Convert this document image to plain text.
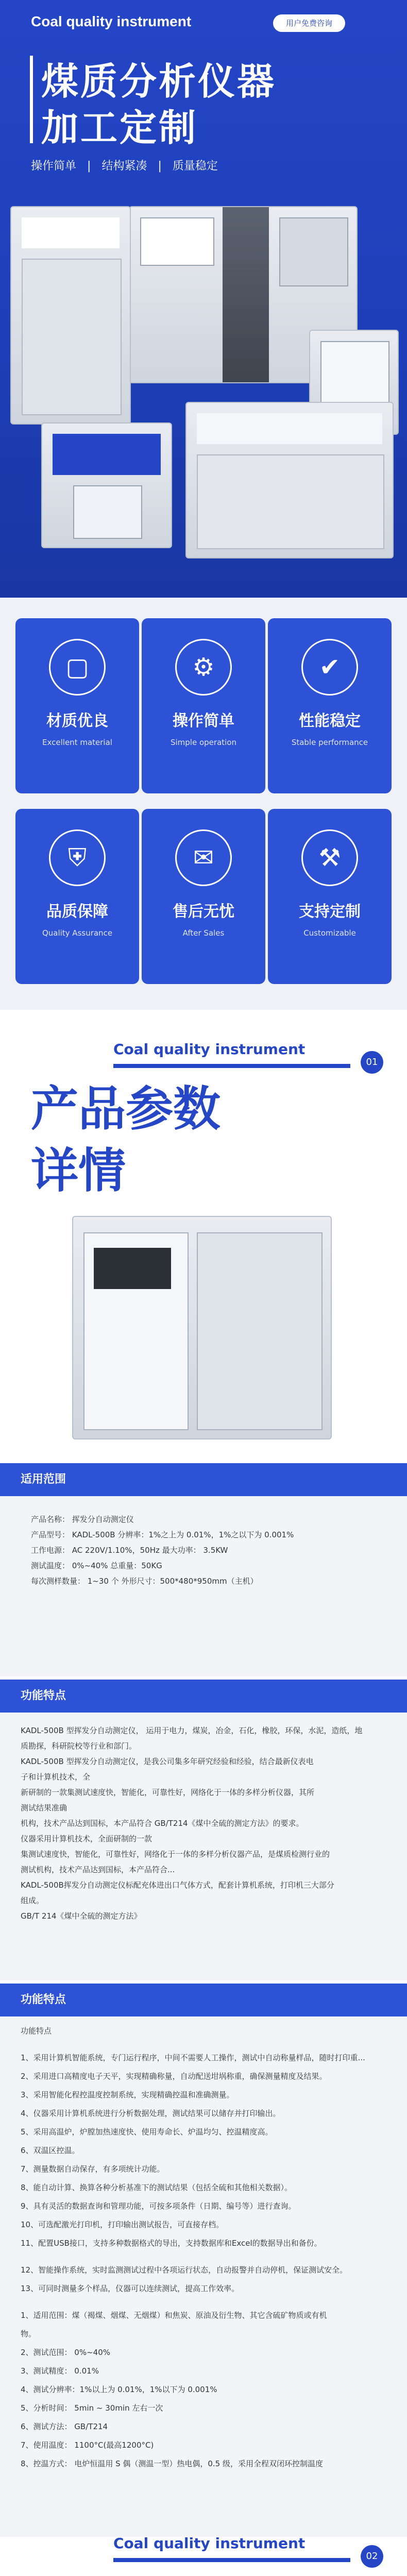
Coal quality instrument	用户免费咨询
煤质分析仪器
加工定制
操作简单 | 结构紧凑 | 质量稳定
▢
材质优良
Excellent material
⚙
操作简单
Simple operation
✔
性能稳定
Stable performance
⛨
品质保障
Quality Assurance
✉
售后无忧
After Sales
⚒
支持定制
Customizable
Coal quality instrument
01
产品参数
详情
适用范围
产品名称： 挥发分自动测定仪
产品型号： KADL-500B 分辨率：1%之上为 0.01%，1%之以下为 0.001%
工作电源： AC 220V/1.10%，50Hz 最大功率： 3.5KW
测试温度： 0%~40% 总重量：50KG
每次测样数量： 1~30 个 外形尺寸：500*480*950mm（主机）
功能特点
KADL-500B 型挥发分自动测定仪， 运用于电力，煤炭，冶金，石化，橡胶，环保，水泥，造纸，地
质勘探，科研院校等行业和部门。
KADL-500B 型挥发分自动测定仪，是我公司集多年研究经验和经验，结合最新仪表电
子和计算机技术，全
新研制的一款集测试速度快，智能化，可靠性好，网络化于一体的多样分析仪器，其所
测试结果准确
机构，技术产品达到国标，本产品符合 GB/T214《煤中全硫的测定方法》的要求。
仪器采用计算机技术，全面研制的一款
集测试速度快，智能化，可靠性好，网络化于一体的多样分析仪器产品，是煤质检测行业的
测试机构，技术产品达到国标，本产品符合...
KADL-500B挥发分自动测定仪标配充体进出口气体方式，配套计算机系统，打印机三大部分
组成。
GB/T 214《煤中全硫的测定方法》
功能特点
功能特点
1、采用计算机智能系统，专门运行程序，中间不需要人工操作，测试中自动称量样品，随时打印重...
2、采用进口高精度电子天平，实现精确称量，自动配送坩埚称重，确保测量精度及结果。
3、采用智能化程控温度控制系统，实现精确控温和准确测量。
4、仪器采用计算机系统进行分析数据处理，测试结果可以储存并打印输出。
5、采用高温炉，炉膛加热速度快、使用寿命长、炉温均匀、控温精度高。
6、双温区控温。
7、测量数据自动保存，有多项统计功能。
8、能自动计算、换算各种分析基准下的测试结果（包括全硫和其他相关数据）。
9、具有灵活的数据查询和管理功能，可按多项条件（日期、编号等）进行查询。
10、可选配激光打印机，打印输出测试报告，可直接存档。
11、配置USB接口，支持多种数据格式的导出，支持数据库和Excel的数据导出和备份。
12、智能操作系统，实时监测测试过程中各项运行状态，自动报警并自动停机，保证测试安全。
13、可同时测量多个样品，仪器可以连续测试，提高工作效率。
1、适用范围：煤（褐煤、烟煤、无烟煤）和焦炭、原油及衍生物、其它含硫矿物质或有机
物。
2、测试范围： 0%~40%
3、测试精度： 0.01%
4、测试分辨率：1%以上为 0.01%，1%以下为 0.001%
5、分析时间： 5min ~ 30min 左右一次
6、测试方法： GB/T214
7、使用温度： 1100°C(最高1200°C)
8、控温方式： 电炉恒温用 S 偶（测温一型）热电偶，0.5 级，采用全程双闭环控制温度
Coal quality instrument
02
